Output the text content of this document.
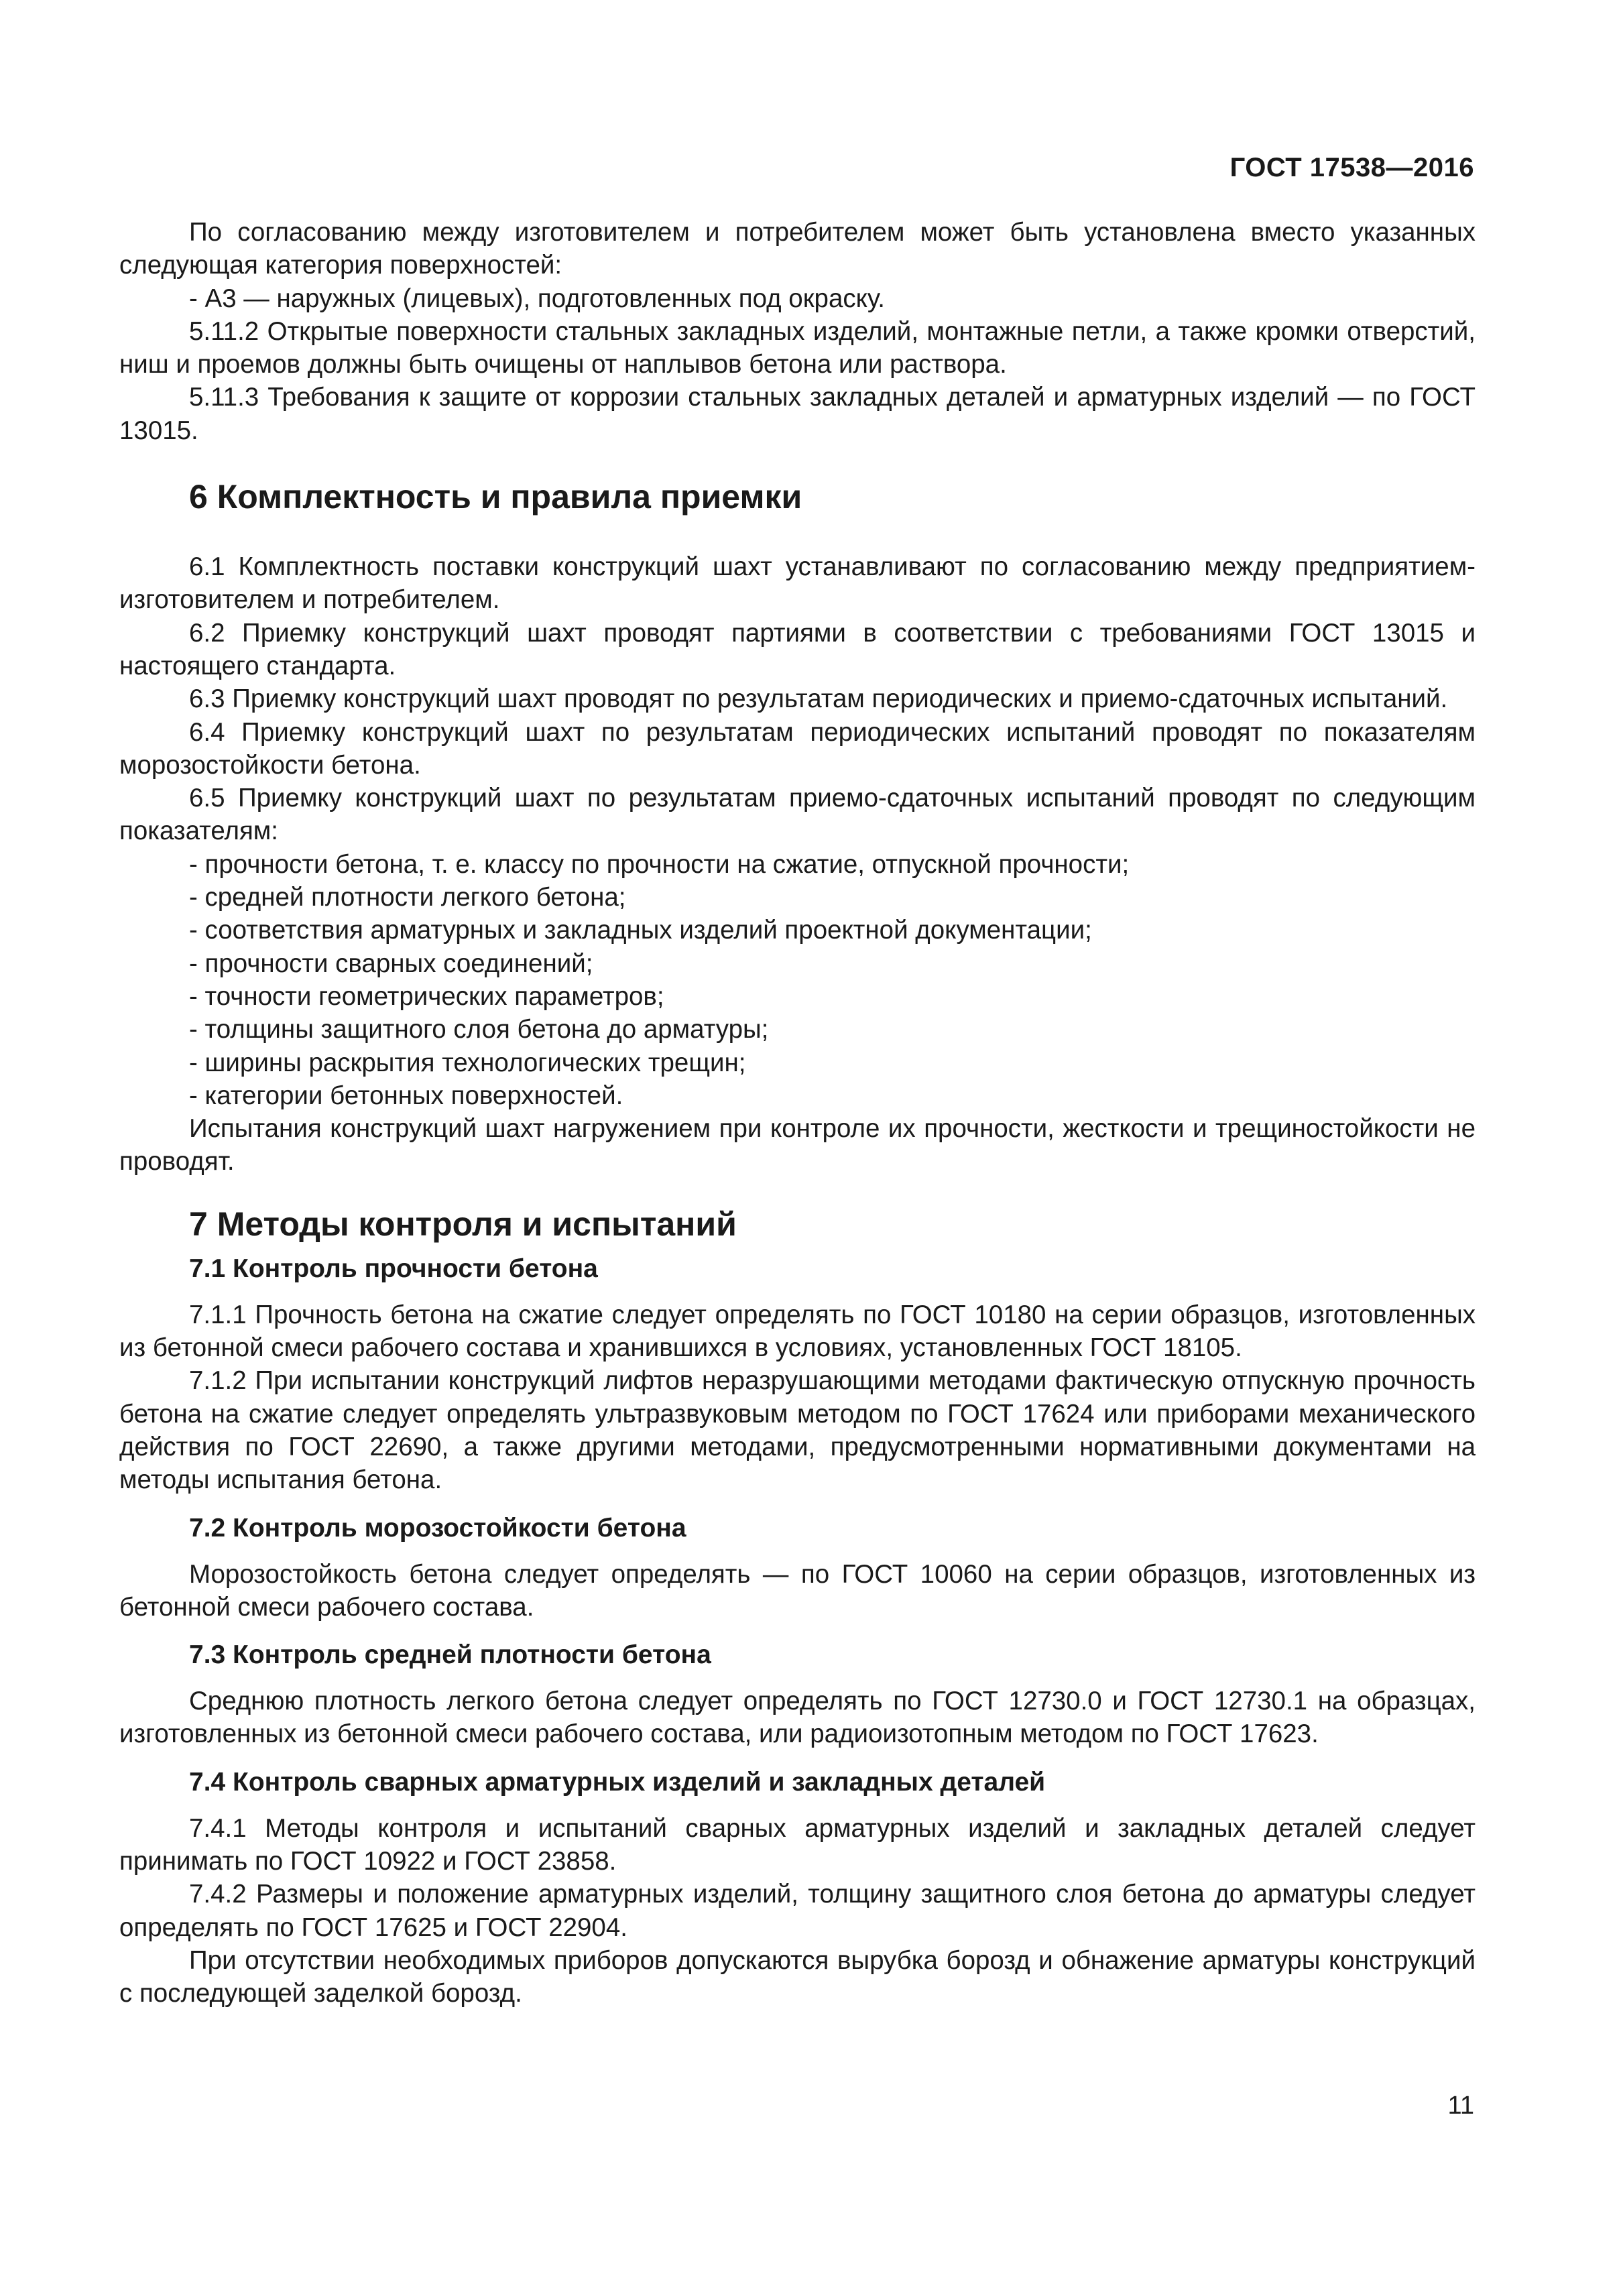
ГОСТ 17538—2016

По согласованию между изготовителем и потребителем может быть установлена вместо указанных следующая категория поверхностей:

- А3 — наружных (лицевых), подготовленных под окраску.

5.11.2 Открытые поверхности стальных закладных изделий, монтажные петли, а также кромки отверстий, ниш и проемов должны быть очищены от наплывов бетона или раствора.

5.11.3 Требования к защите от коррозии стальных закладных деталей и арматурных изделий — по ГОСТ 13015.

6 Комплектность и правила приемки

6.1 Комплектность поставки конструкций шахт устанавливают по согласованию между предприятием-изготовителем и потребителем.

6.2 Приемку конструкций шахт проводят партиями в соответствии с требованиями ГОСТ 13015 и настоящего стандарта.

6.3 Приемку конструкций шахт проводят по результатам периодических и приемо-сдаточных испытаний.

6.4 Приемку конструкций шахт по результатам периодических испытаний проводят по показателям морозостойкости бетона.

6.5 Приемку конструкций шахт по результатам приемо-сдаточных испытаний проводят по следующим показателям:

- прочности бетона, т. е. классу по прочности на сжатие, отпускной прочности;

- средней плотности легкого бетона;

- соответствия арматурных и закладных изделий проектной документации;

- прочности сварных соединений;

- точности геометрических параметров;

- толщины защитного слоя бетона до арматуры;

- ширины раскрытия технологических трещин;

- категории бетонных поверхностей.

Испытания конструкций шахт нагружением при контроле их прочности, жесткости и трещиностойкости не проводят.

7 Методы контроля и испытаний
7.1 Контроль прочности бетона

7.1.1 Прочность бетона на сжатие следует определять по ГОСТ 10180 на серии образцов, изготовленных из бетонной смеси рабочего состава и хранившихся в условиях, установленных ГОСТ 18105.

7.1.2 При испытании конструкций лифтов неразрушающими методами фактическую отпускную прочность бетона на сжатие следует определять ультразвуковым методом по ГОСТ 17624 или приборами механического действия по ГОСТ 22690, а также другими методами, предусмотренными нормативными документами на методы испытания бетона.

7.2 Контроль морозостойкости бетона

Морозостойкость бетона следует определять — по ГОСТ 10060 на серии образцов, изготовленных из бетонной смеси рабочего состава.

7.3 Контроль средней плотности бетона

Среднюю плотность легкого бетона следует определять по ГОСТ 12730.0 и ГОСТ 12730.1 на образцах, изготовленных из бетонной смеси рабочего состава, или радиоизотопным методом по ГОСТ 17623.

7.4 Контроль сварных арматурных изделий и закладных деталей

7.4.1 Методы контроля и испытаний сварных арматурных изделий и закладных деталей следует принимать по ГОСТ 10922 и ГОСТ 23858.

7.4.2 Размеры и положение арматурных изделий, толщину защитного слоя бетона до арматуры следует определять по ГОСТ 17625 и ГОСТ 22904.

При отсутствии необходимых приборов допускаются вырубка борозд и обнажение арматуры конструкций с последующей заделкой борозд.

11
